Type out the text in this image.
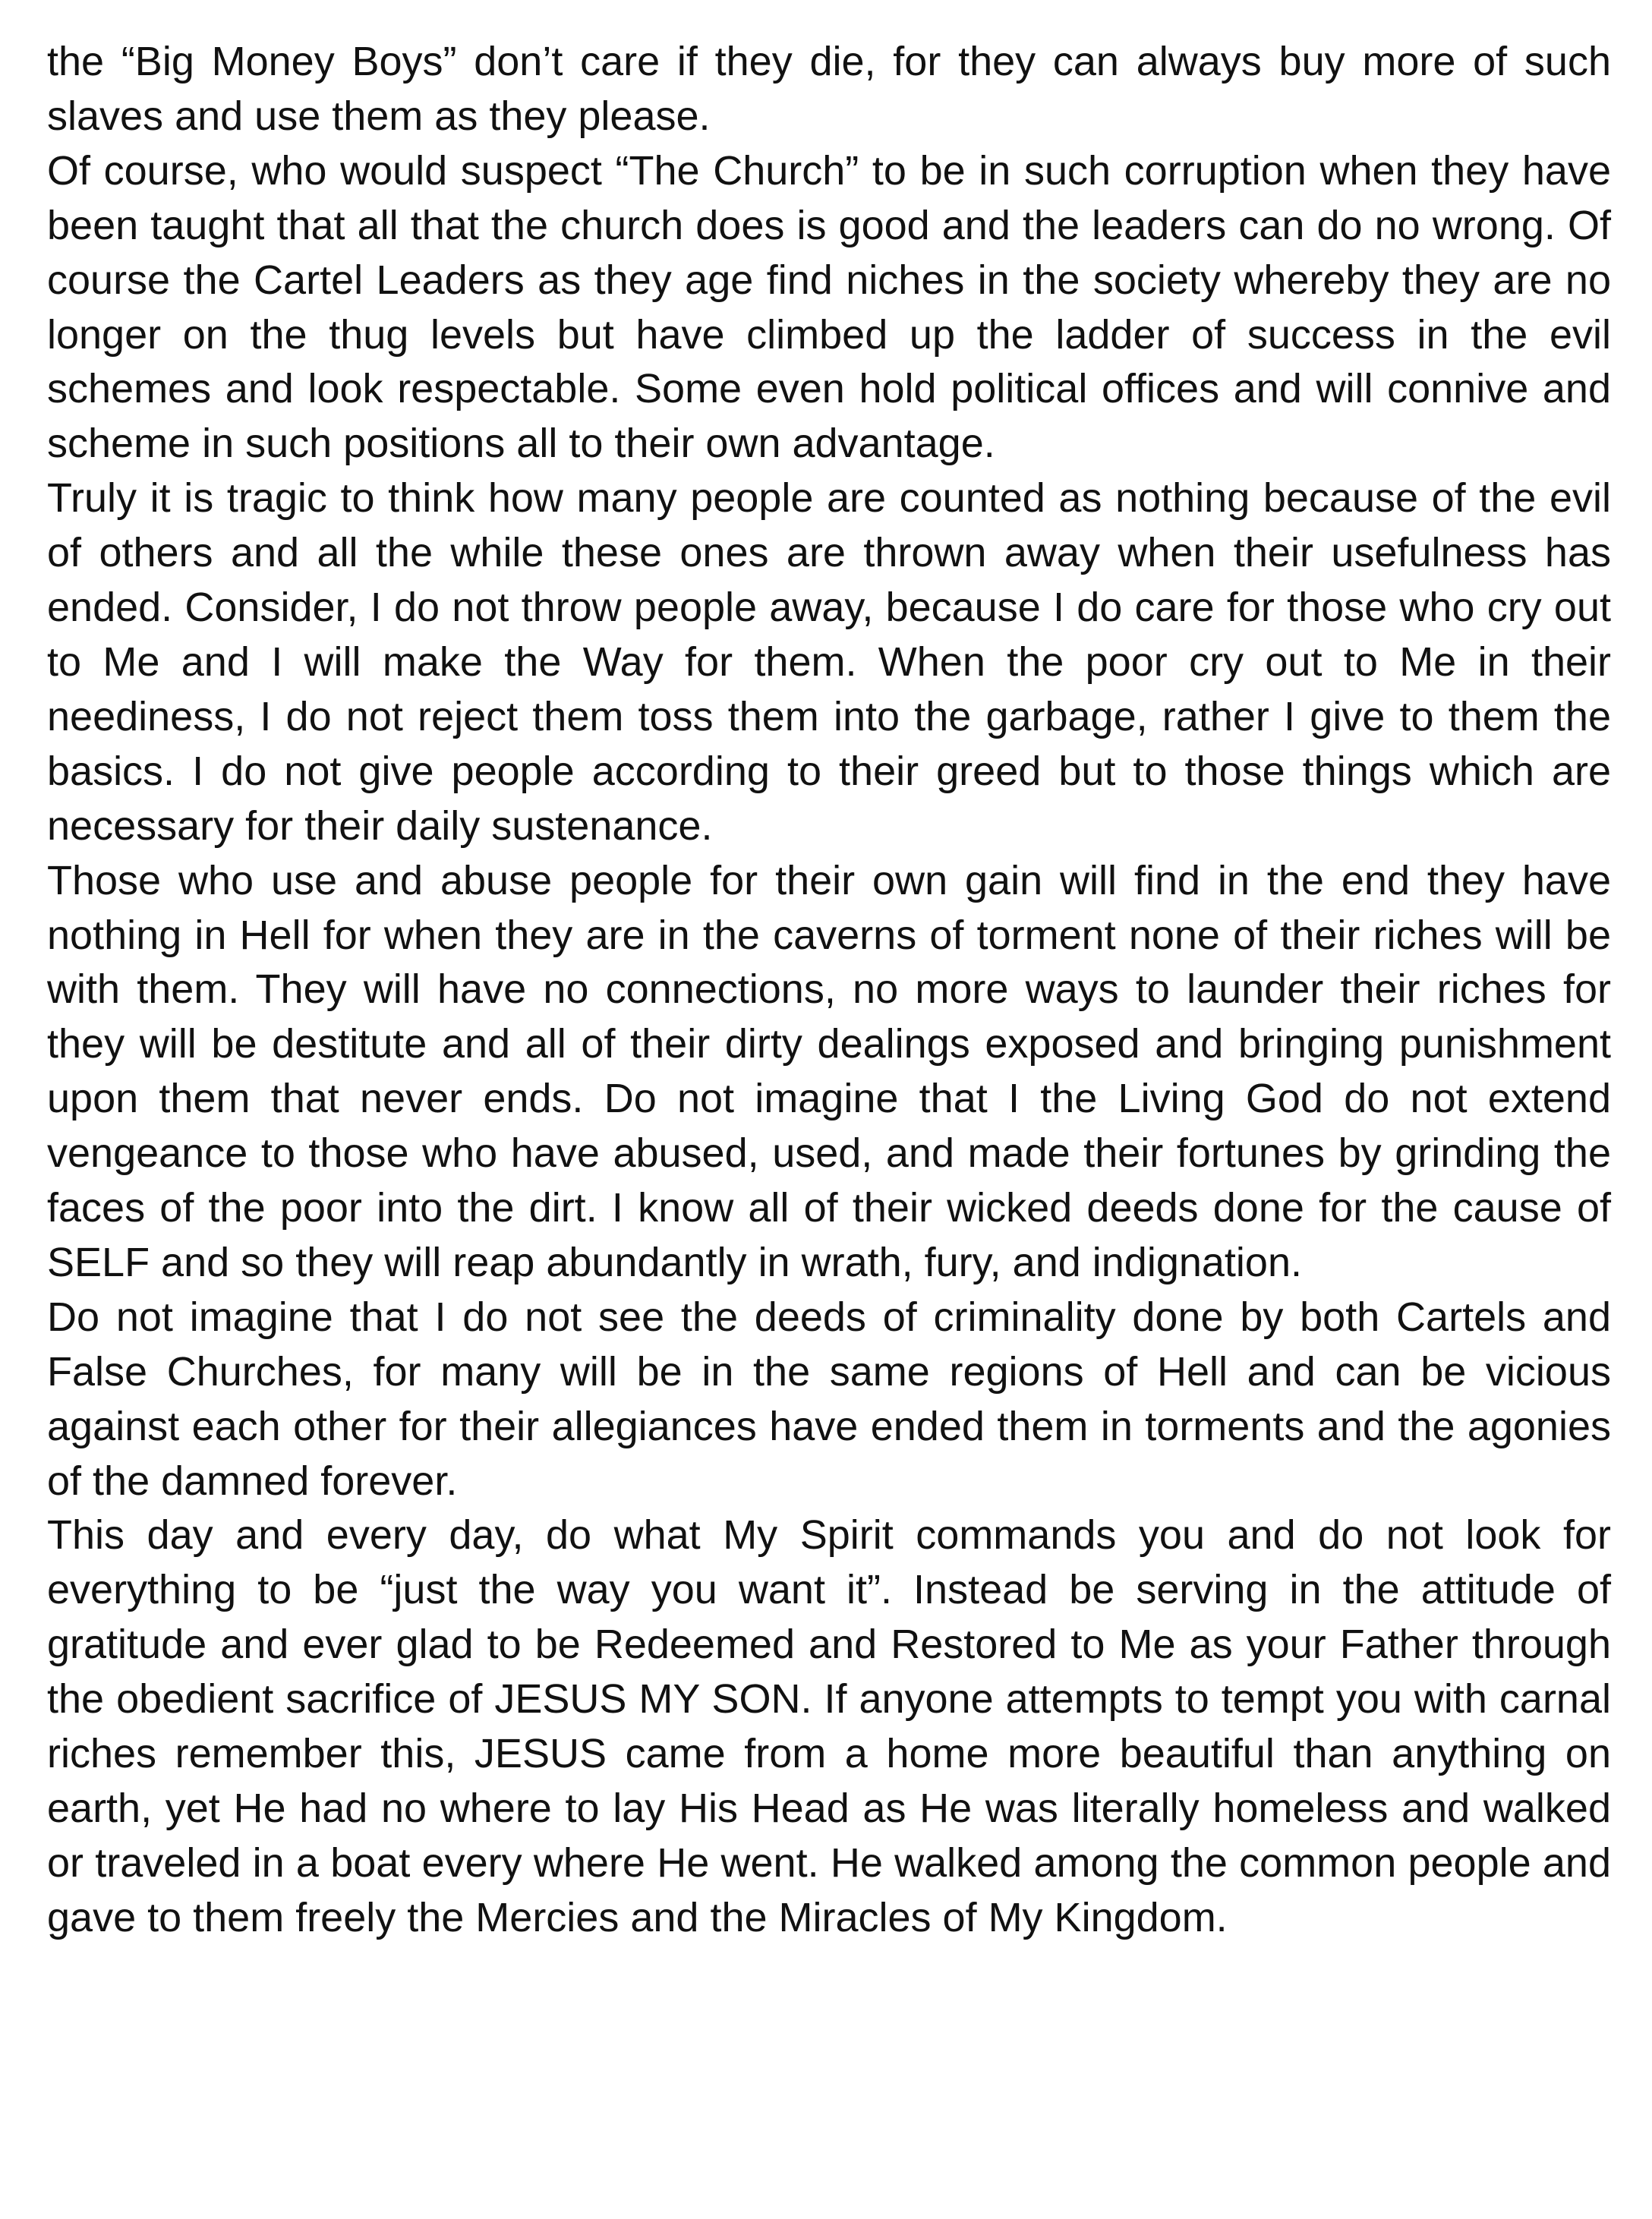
the “Big Money Boys” don’t care if they die, for they can always buy more of such slaves and use them as they please.

Of course, who would suspect “The Church” to be in such corruption when they have been taught that all that the church does is good and the leaders can do no wrong. Of course the Cartel Leaders as they age find niches in the society whereby they are no longer on the thug levels but have climbed up the ladder of success in the evil schemes and look respectable. Some even hold political offices and will connive and scheme in such positions all to their own advantage.

Truly it is tragic to think how many people are counted as nothing because of the evil of others and all the while these ones are thrown away when their usefulness has ended. Consider, I do not throw people away, because I do care for those who cry out to Me and I will make the Way for them. When the poor cry out to Me in their neediness, I do not reject them toss them into the garbage, rather I give to them the basics. I do not give people according to their greed but to those things which are necessary for their daily sustenance.

Those who use and abuse people for their own gain will find in the end they have nothing in Hell for when they are in the caverns of torment none of their riches will be with them. They will have no connections, no more ways to launder their riches for they will be destitute and all of their dirty dealings exposed and bringing punishment upon them that never ends. Do not imagine that I the Living God do not extend vengeance to those who have abused, used, and made their fortunes by grinding the faces of the poor into the dirt. I know all of their wicked deeds done for the cause of SELF and so they will reap abundantly in wrath, fury, and indignation.

Do not imagine that I do not see the deeds of criminality done by both Cartels and False Churches, for many will be in the same regions of Hell and can be vicious against each other for their allegiances have ended them in torments and the agonies of the damned forever.

This day and every day, do what My Spirit commands you and do not look for everything to be “just the way you want it”. Instead be serving in the attitude of gratitude and ever glad to be Redeemed and Restored to Me as your Father through the obedient sacrifice of JESUS MY SON. If anyone attempts to tempt you with carnal riches remember this, JESUS came from a home more beautiful than anything on earth, yet He had no where to lay His Head as He was literally homeless and walked or traveled in a boat every where He went. He walked among the common people and gave to them freely the Mercies and the Miracles of My Kingdom.
